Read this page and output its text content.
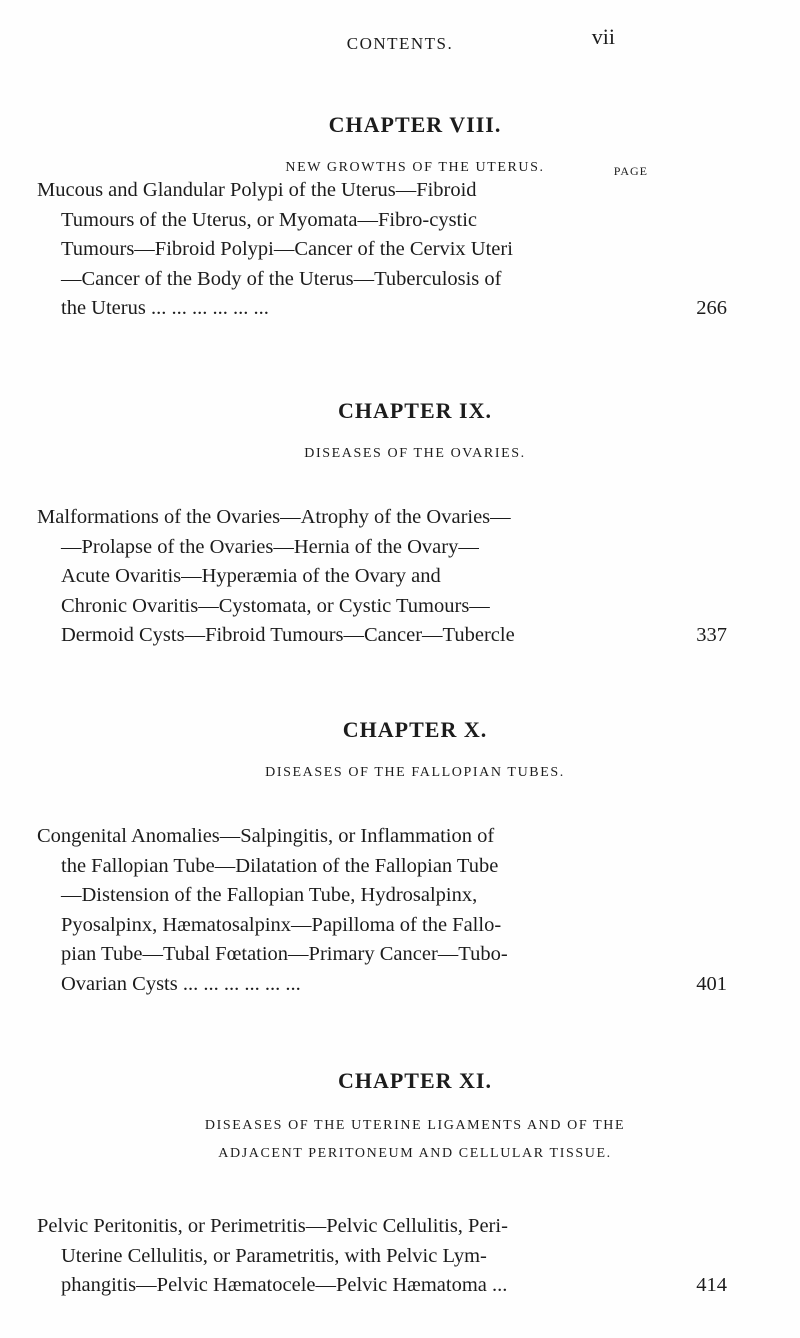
CONTENTS.	vii
CHAPTER VIII.
NEW GROWTHS OF THE UTERUS.	PAGE
Mucous and Glandular Polypi of the Uterus—Fibroid
Tumours of the Uterus, or Myomata—Fibro-cystic
Tumours—Fibroid Polypi—Cancer of the Cervix Uteri
—Cancer of the Body of the Uterus—Tuberculosis of
the Uterus ... ... ... ... ... ...	266
CHAPTER IX.
DISEASES OF THE OVARIES.
Malformations of the Ovaries—Atrophy of the Ovaries—
—Prolapse of the Ovaries—Hernia of the Ovary—
Acute Ovaritis—Hyperæmia of the Ovary and
Chronic Ovaritis—Cystomata, or Cystic Tumours—
Dermoid Cysts—Fibroid Tumours—Cancer—Tubercle	337
CHAPTER X.
DISEASES OF THE FALLOPIAN TUBES.
Congenital Anomalies—Salpingitis, or Inflammation of
the Fallopian Tube—Dilatation of the Fallopian Tube
—Distension of the Fallopian Tube, Hydrosalpinx,
Pyosalpinx, Hæmatosalpinx—Papilloma of the Fallo-
pian Tube—Tubal Fœtation—Primary Cancer—Tubo-
Ovarian Cysts ... ... ... ... ... ...	401
CHAPTER XI.
DISEASES OF THE UTERINE LIGAMENTS AND OF THE
ADJACENT PERITONEUM AND CELLULAR TISSUE.
Pelvic Peritonitis, or Perimetritis—Pelvic Cellulitis, Peri-
Uterine Cellulitis, or Parametritis, with Pelvic Lym-
phangitis—Pelvic Hæmatocele—Pelvic Hæmatoma ...	414
